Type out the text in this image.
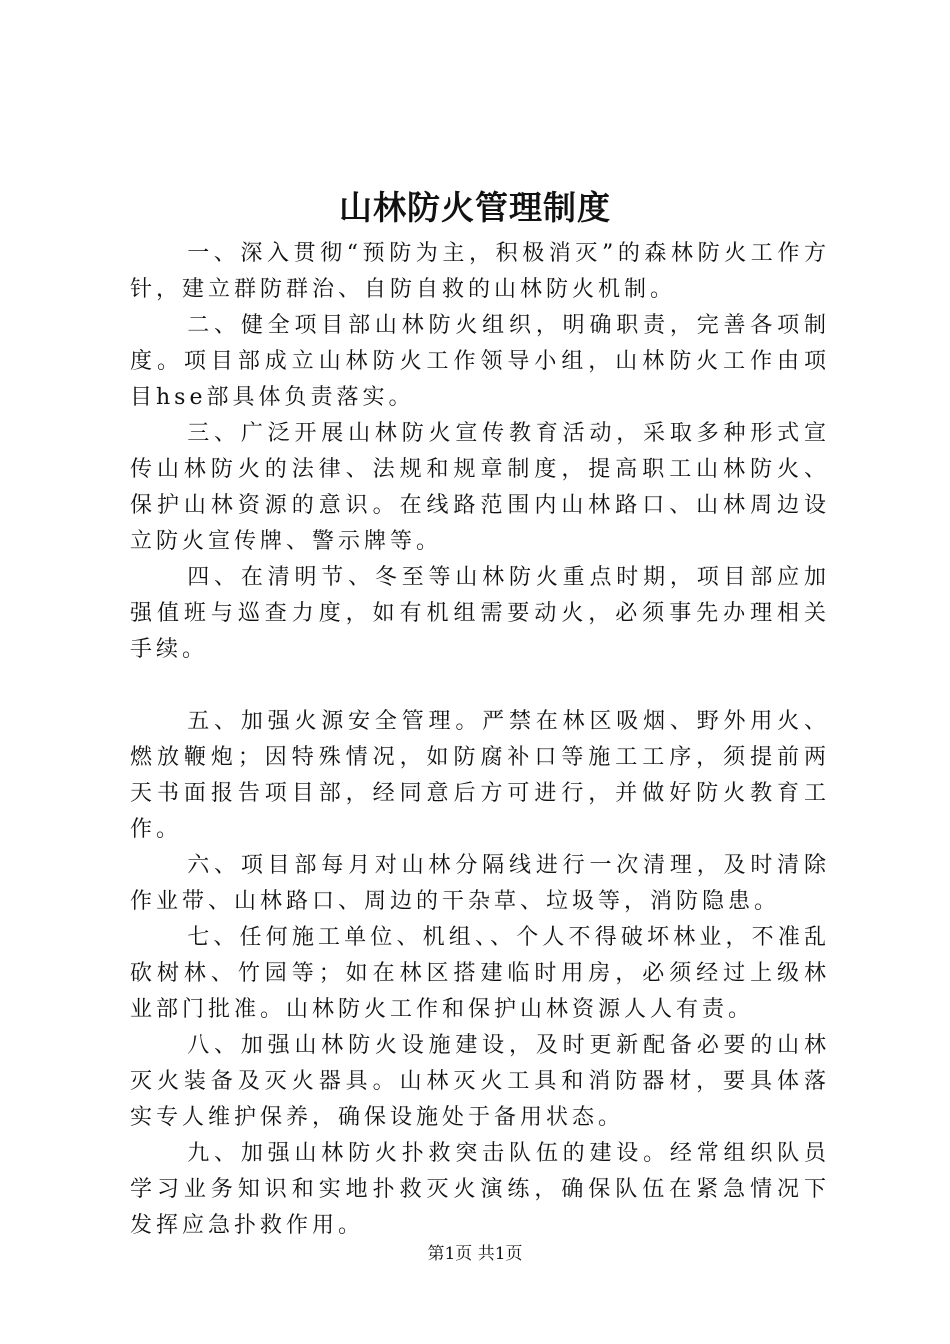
山林防火管理制度

一、深入贯彻“预防为主，积极消灭”的森林防火工作方针，建立群防群治、自防自救的山林防火机制。

二、健全项目部山林防火组织，明确职责，完善各项制度。项目部成立山林防火工作领导小组，山林防火工作由项目hse部具体负责落实。

三、广泛开展山林防火宣传教育活动，采取多种形式宣传山林防火的法律、法规和规章制度，提高职工山林防火、保护山林资源的意识。在线路范围内山林路口、山林周边设立防火宣传牌、警示牌等。

四、在清明节、冬至等山林防火重点时期，项目部应加强值班与巡查力度，如有机组需要动火，必须事先办理相关手续。

五、加强火源安全管理。严禁在林区吸烟、野外用火、燃放鞭炮；因特殊情况，如防腐补口等施工工序，须提前两天书面报告项目部，经同意后方可进行，并做好防火教育工作。

六、项目部每月对山林分隔线进行一次清理，及时清除作业带、山林路口、周边的干杂草、垃圾等，消防隐患。

七、任何施工单位、机组、、个人不得破坏林业，不准乱砍树林、竹园等；如在林区搭建临时用房，必须经过上级林业部门批准。山林防火工作和保护山林资源人人有责。

八、加强山林防火设施建设，及时更新配备必要的山林灭火装备及灭火器具。山林灭火工具和消防器材，要具体落实专人维护保养，确保设施处于备用状态。

九、加强山林防火扑救突击队伍的建设。经常组织队员学习业务知识和实地扑救灭火演练，确保队伍在紧急情况下发挥应急扑救作用。

第1页 共1页
